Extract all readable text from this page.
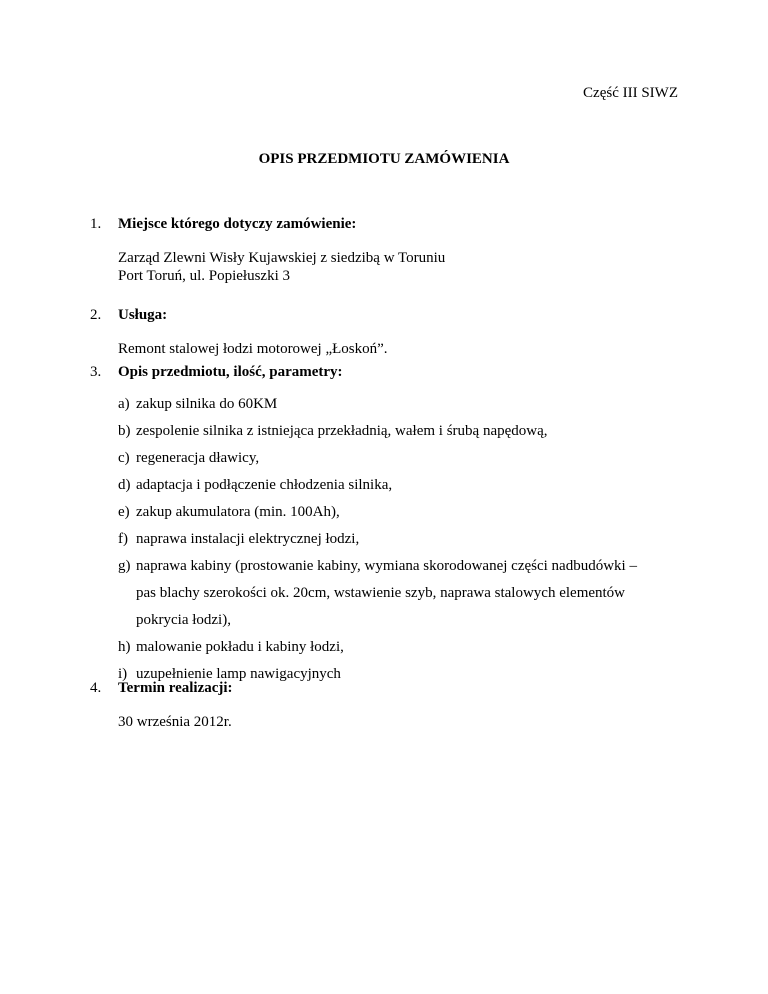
Część III SIWZ
OPIS PRZEDMIOTU ZAMÓWIENIA
1.	Miejsce którego dotyczy zamówienie:
Zarząd Zlewni Wisły Kujawskiej z siedzibą w Toruniu
Port Toruń, ul. Popiełuszki 3
2.	Usługa:
Remont stalowej łodzi motorowej „Łoskoń”.
3.	Opis przedmiotu, ilość, parametry:
a) zakup silnika do 60KM
b) zespolenie silnika z istniejąca przekładnią, wałem i śrubą napędową,
c) regeneracja dławicy,
d) adaptacja i podłączenie chłodzenia silnika,
e) zakup akumulatora (min. 100Ah),
f) naprawa instalacji elektrycznej łodzi,
g) naprawa kabiny (prostowanie kabiny, wymiana skorodowanej części nadbudówki –
pas blachy szerokości ok. 20cm, wstawienie szyb, naprawa stalowych elementów
pokrycia łodzi),
h) malowanie pokładu i kabiny łodzi,
i) uzupełnienie lamp nawigacyjnych
4.	Termin realizacji:
30 września 2012r.
